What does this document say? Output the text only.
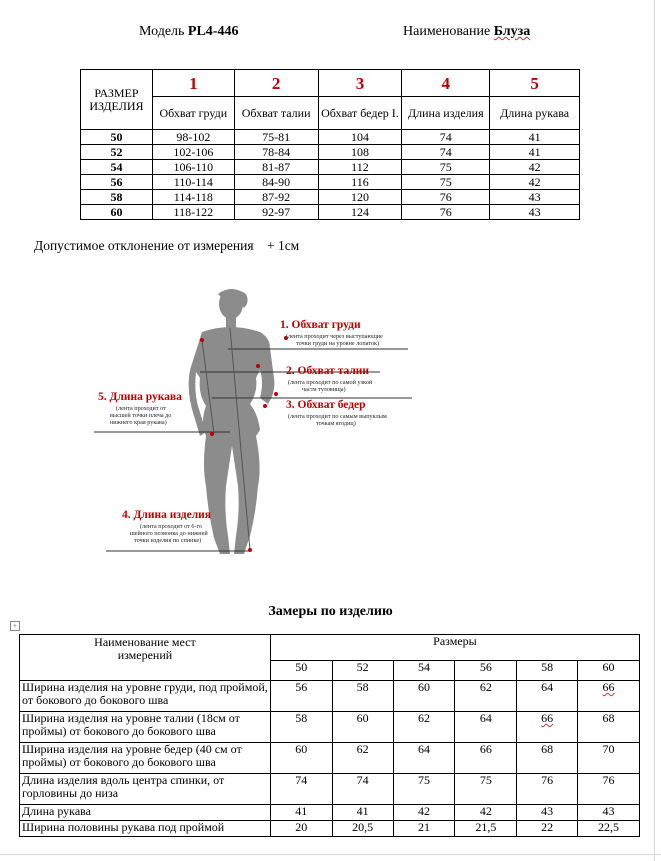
Модель PL4-446	Наименование Блуза
РАЗМЕР ИЗДЕЛИЯ	1	2	3	4	5
	Обхват груди	Обхват талии	Обхват бедер I.	Длина изделия	Длина рукава
50	98-102	75-81	104	74	41
52	102-106	78-84	108	74	41
54	106-110	81-87	112	75	42
56	110-114	84-90	116	75	42
58	114-118	87-92	120	76	43
60	118-122	92-97	124	76	43
Допустимое отклонение от измерения + 1см
1. Обхват груди
(лента проходит через выступающие
точки груди на уровне лопаток)
2. Обхват талии
(лента проходит по самой узкой
части туловища)
3. Обхват бедер
(лента проходит по самым выпуклым
точкам ягодиц)
5. Длина рукава
(лента проходит от
высшей точки плеча до
нижнего края рукава)
4. Длина изделия
(лента проходит от 6-го
шейного позвонка до нижней
точки изделия по спинке)
Замеры по изделию
+
Наименование мест измерений	Размеры					
	50	52	54	56	58	60
Ширина изделия на уровне груди, под проймой, от бокового до бокового шва	56	58	60	62	64	66
Ширина изделия на уровне талии (18см от проймы) от бокового до бокового шва	58	60	62	64	66	68
Ширина изделия на уровне бедер (40 см от проймы) от бокового до бокового шва	60	62	64	66	68	70
Длина изделия вдоль центра спинки, от горловины до низа	74	74	75	75	76	76
Длина рукава	41	41	42	42	43	43
Ширина половины рукава под проймой	20	20,5	21	21,5	22	22,5
